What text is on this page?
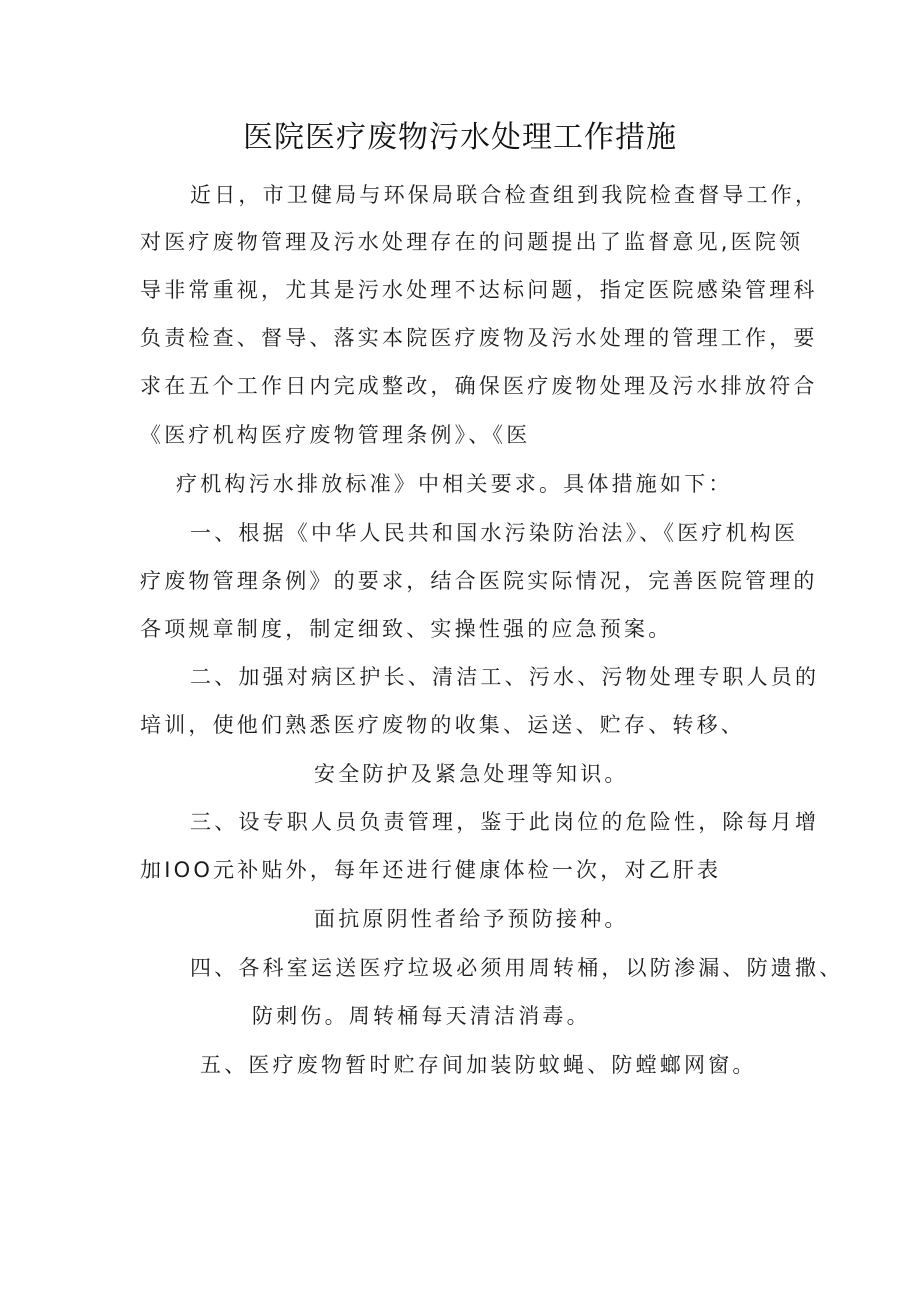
医院医疗废物污水处理工作措施
近日，市卫健局与环保局联合检查组到我院检查督导工作，
对医疗废物管理及污水处理存在的问题提出了监督意见,医院领
导非常重视，尤其是污水处理不达标问题，指定医院感染管理科
负责检查、督导、落实本院医疗废物及污水处理的管理工作，要
求在五个工作日内完成整改，确保医疗废物处理及污水排放符合
《医疗机构医疗废物管理条例》、《医
疗机构污水排放标准》中相关要求。具体措施如下：
一、根据《中华人民共和国水污染防治法》、《医疗机构医
疗废物管理条例》的要求，结合医院实际情况，完善医院管理的
各项规章制度，制定细致、实操性强的应急预案。
二、加强对病区护长、清洁工、污水、污物处理专职人员的
培训，使他们熟悉医疗废物的收集、运送、贮存、转移、
安全防护及紧急处理等知识。
三、设专职人员负责管理，鉴于此岗位的危险性，除每月增
加IOO元补贴外，每年还进行健康体检一次，对乙肝表
面抗原阴性者给予预防接种。
四、各科室运送医疗垃圾必须用周转桶，以防渗漏、防遗撒、
防刺伤。周转桶每天清洁消毒。
五、医疗废物暂时贮存间加装防蚊蝇、防螳螂网窗。
